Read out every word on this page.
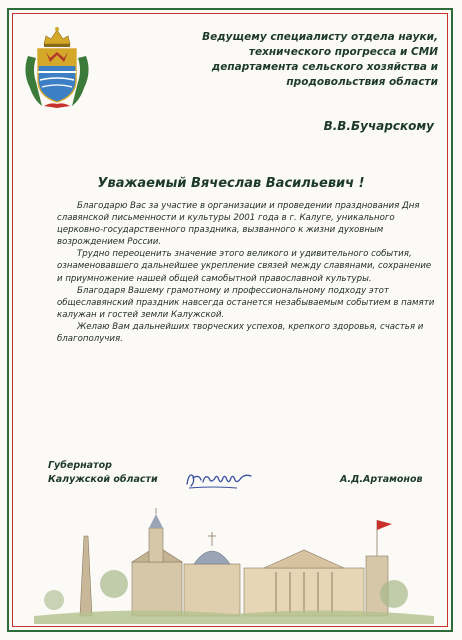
Ведущему специалисту отдела науки,
технического прогресса и СМИ
департамента сельского хозяйства и
продовольствия области
В.В.Бучарскому
Уважаемый Вячеслав Васильевич !

Благодарю Вас за участие в организации и проведении празднования Дня славянской письменности и культуры 2001 года в г. Калуге, уникального церковно-государственного праздника, вызванного к жизни духовным возрождением России.

Трудно переоценить значение этого великого и удивительного события, ознаменовавшего дальнейшее укрепление связей между славянами, сохранение и приумножение нашей общей самобытной православной культуры.

Благодаря Вашему грамотному и профессиональному подходу этот общеславянский праздник навсегда останется незабываемым событием в памяти калужан и гостей земли Калужской.

Желаю Вам дальнейших творческих успехов, крепкого здоровья, счастья и благополучия.

Губернатор
Калужской области	А.Д.Артамонов
